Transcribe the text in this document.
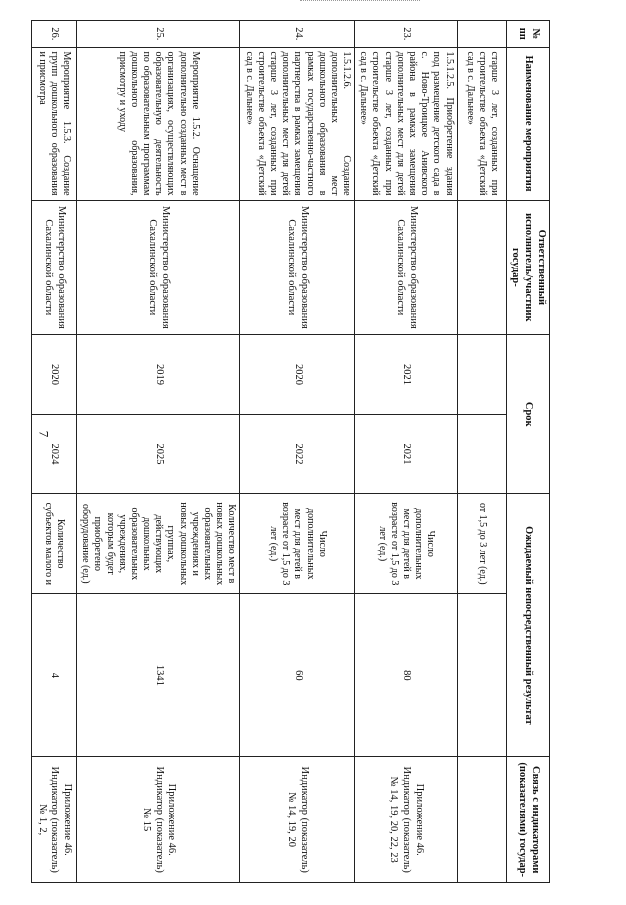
7
№ пп	Наименование мероприятия	Ответственный исполнитель/участник государ-	Срок		Ожидаемый непосредственный результат		Связь с индикаторами (показателями) государ-
	старше 3 лет, созданных при строительстве объекта «Детский сад в с. Дальнее»				от 1,5 до 3 лет (ед.)		
23.	1.5.1.2.5. Приобретение здания под размещение детского сада в с. Ново-Троицкое Анивского района в рамках замещения дополнительных мест для детей старше 3 лет, созданных при строительстве объекта «Детский сад в с. Дальнее»	Министерство образования Сахалинской области	2021	2021	Число дополнительных мест для детей в возрасте от 1,5 до 3 лет (ед.)	80	Приложение 46. Индикатор (показатель) № 14, 19, 20, 22, 23
24.	1.5.1.2.6. Создание дополнительных мест дошкольного образования в рамках государственно-частного партнерства в рамках замещения дополнительных мест для детей старше 3 лет, созданных при строительстве объекта «Детский сад в с. Дальнее»	Министерство образования Сахалинской области	2020	2022	Число дополнительных мест для детей в возрасте от 1,5 до 3 лет (ед.)	60	Индикатор (показатель) № 14, 19, 20
25.	Мероприятие 1.5.2. Оснащение дополнительно созданных мест в организациях, осуществляющих образовательную деятельность по образовательным программам дошкольного образования, присмотру и уходу	Министерство образования Сахалинской области	2019	2025	Количество мест в новых дошкольных образовательных учреждениях и новых дошкольных группах, действующих дошкольных образовательных учреждениях, которым будет приобретено оборудование (ед.)	1341	Приложение 46. Индикатор (показатель) № 15
26.	Мероприятие 1.5.3. Создание групп дошкольного образования и присмотра	Министерство образования Сахалинской области	2020	2024	Количество субъектов малого и	4	Приложение 46. Индикатор (показатель) № 1, 2,
